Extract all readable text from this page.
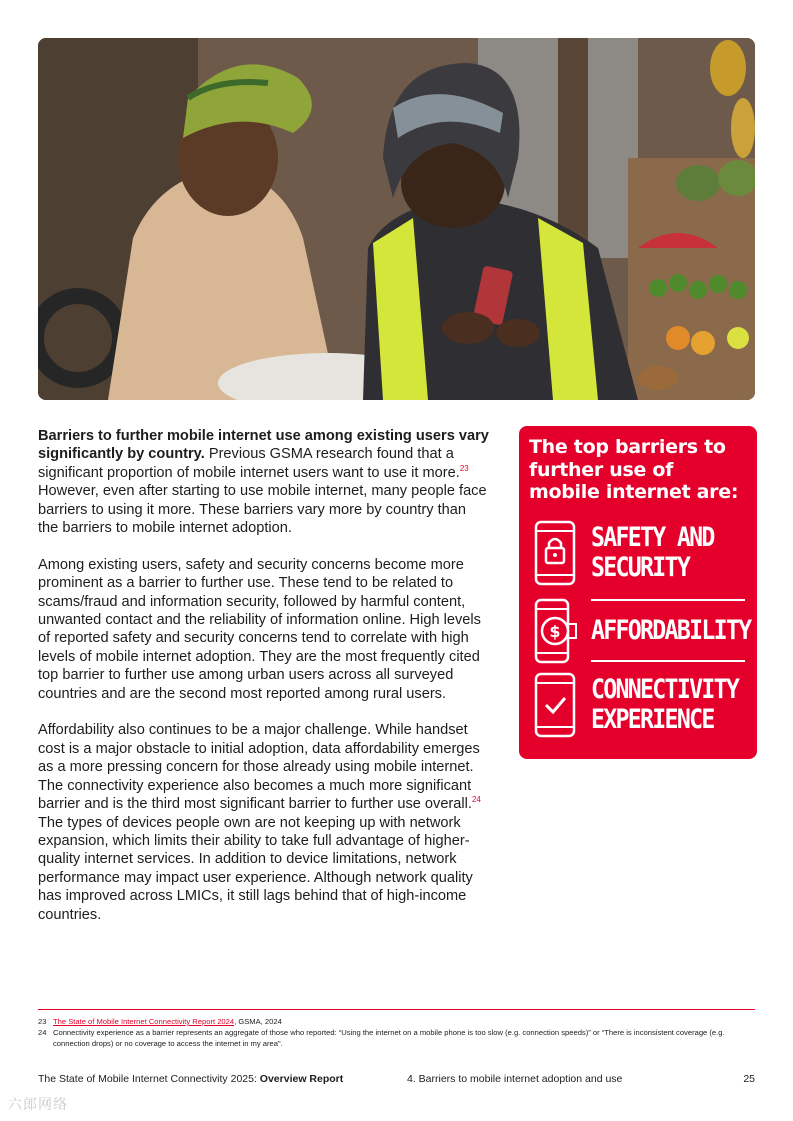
Barriers to further mobile internet use among existing users vary significantly by country. Previous GSMA research found that a significant proportion of mobile internet users want to use it more.$^{23}$ However, even after starting to use mobile internet, many people face barriers to using it more. These barriers vary more by country than the barriers to mobile internet adoption.

Among existing users, safety and security concerns become more prominent as a barrier to further use. These tend to be related to scams/fraud and information security, followed by harmful content, unwanted contact and the reliability of information online. High levels of reported safety and security concerns tend to correlate with high levels of mobile internet adoption. They are the most frequently cited top barrier to further use among urban users across all surveyed countries and are the second most reported among rural users.

Affordability also continues to be a major challenge. While handset cost is a major obstacle to initial adoption, data affordability emerges as a more pressing concern for those already using mobile internet. The connectivity experience also becomes a much more significant barrier and is the third most significant barrier to further use overall.$^{24}$ The types of devices people own are not keeping up with network expansion, which limits their ability to take full advantage of higher-quality internet services. In addition to device limitations, network performance may impact user experience. Although network quality has improved across LMICs, it still lags behind that of high-income countries.

The top barriers to further use of mobile internet are:
SAFETY AND
SECURITY
$ AFFORDABILITY
CONNECTIVITY
EXPERIENCE
23 The State of Mobile Internet Connectivity Report 2024, GSMA, 2024
24 Connectivity experience as a barrier represents an aggregate of those who reported: “Using the internet on a mobile phone is too slow (e.g. connection speeds)” or “There is inconsistent coverage (e.g. connection drops) or no coverage to access the internet in my area”.
The State of Mobile Internet Connectivity 2025: Overview Report	4. Barriers to mobile internet adoption and use	25
六郎网络
